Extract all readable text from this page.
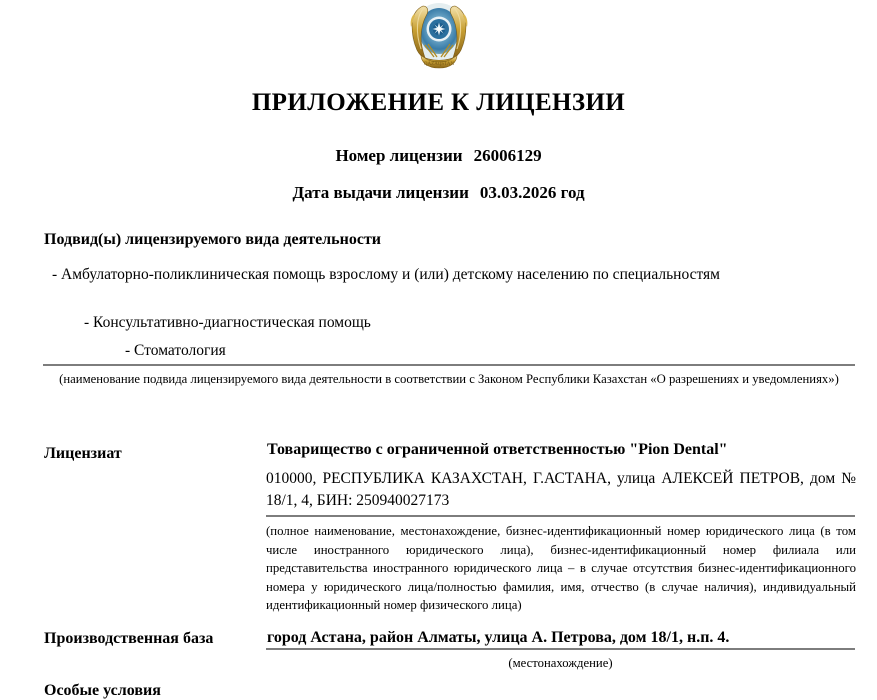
QAZAQSTAN
ПРИЛОЖЕНИЕ К ЛИЦЕНЗИИ
Номер лицензии 26006129
Дата выдачи лицензии 03.03.2026 год
Подвид(ы) лицензируемого вида деятельности
- Амбулаторно-поликлиническая помощь взрослому и (или) детскому населению по специальностям
- Консультативно-диагностическая помощь
- Стоматология
(наименование подвида лицензируемого вида деятельности в соответствии с Законом Республики Казахстан «О разрешениях и уведомлениях»)
Лицензиат	Товарищество с ограниченной ответственностью "Pion Dental"
010000, РЕСПУБЛИКА КАЗАХСТАН, Г.АСТАНА, улица АЛЕКСЕЙ ПЕТРОВ, дом № 18/1, 4, БИН: 250940027173
(полное наименование, местонахождение, бизнес-идентификационный номер юридического лица (в том числе иностранного юридического лица), бизнес-идентификационный номер филиала или представительства иностранного юридического лица – в случае отсутствия бизнес-идентификационного номера у юридического лица/полностью фамилия, имя, отчество (в случае наличия), индивидуальный идентификационный номер физического лица)
Производственная база	город Астана, район Алматы, улица А. Петрова, дом 18/1, н.п. 4.
(местонахождение)
Особые условия
